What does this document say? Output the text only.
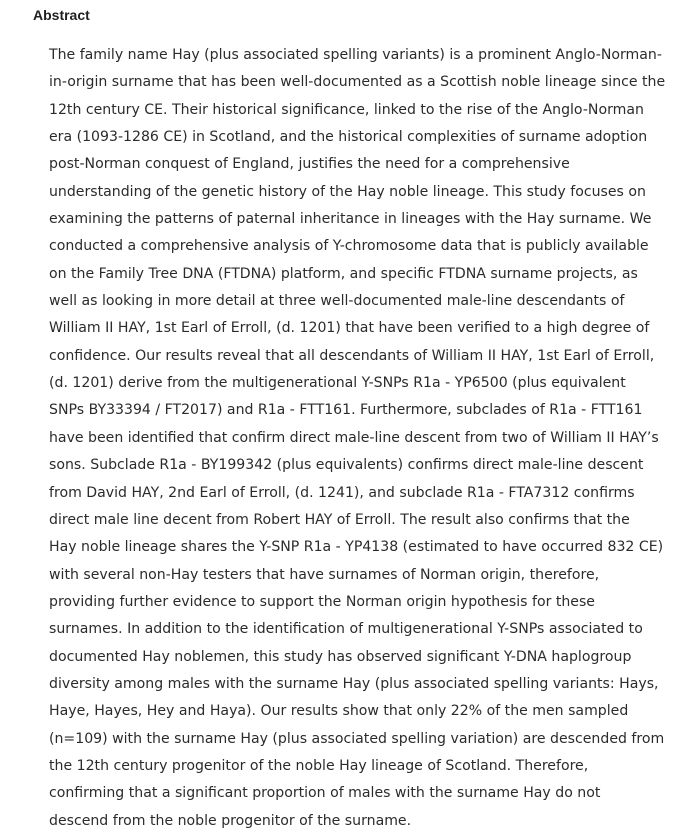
Abstract

The family name Hay (plus associated spelling variants) is a prominent Anglo-Norman-
in-origin surname that has been well-documented as a Scottish noble lineage since the
12th century CE. Their historical significance, linked to the rise of the Anglo-Norman
era (1093-1286 CE) in Scotland, and the historical complexities of surname adoption
post-Norman conquest of England, justifies the need for a comprehensive
understanding of the genetic history of the Hay noble lineage. This study focuses on
examining the patterns of paternal inheritance in lineages with the Hay surname. We
conducted a comprehensive analysis of Y-chromosome data that is publicly available
on the Family Tree DNA (FTDNA) platform, and specific FTDNA surname projects, as
well as looking in more detail at three well-documented male-line descendants of
William II HAY, 1st Earl of Erroll, (d. 1201) that have been verified to a high degree of
confidence. Our results reveal that all descendants of William II HAY, 1st Earl of Erroll,
(d. 1201) derive from the multigenerational Y-SNPs R1a - YP6500 (plus equivalent
SNPs BY33394 / FT2017) and R1a - FTT161. Furthermore, subclades of R1a - FTT161
have been identified that confirm direct male-line descent from two of William II HAY’s
sons. Subclade R1a - BY199342 (plus equivalents) confirms direct male-line descent
from David HAY, 2nd Earl of Erroll, (d. 1241), and subclade R1a - FTA7312 confirms
direct male line decent from Robert HAY of Erroll. The result also confirms that the
Hay noble lineage shares the Y-SNP R1a - YP4138 (estimated to have occurred 832 CE)
with several non-Hay testers that have surnames of Norman origin, therefore,
providing further evidence to support the Norman origin hypothesis for these
surnames. In addition to the identification of multigenerational Y-SNPs associated to
documented Hay noblemen, this study has observed significant Y-DNA haplogroup
diversity among males with the surname Hay (plus associated spelling variants: Hays,
Haye, Hayes, Hey and Haya). Our results show that only 22% of the men sampled
(n=109) with the surname Hay (plus associated spelling variation) are descended from
the 12th century progenitor of the noble Hay lineage of Scotland. Therefore,
confirming that a significant proportion of males with the surname Hay do not
descend from the noble progenitor of the surname.
